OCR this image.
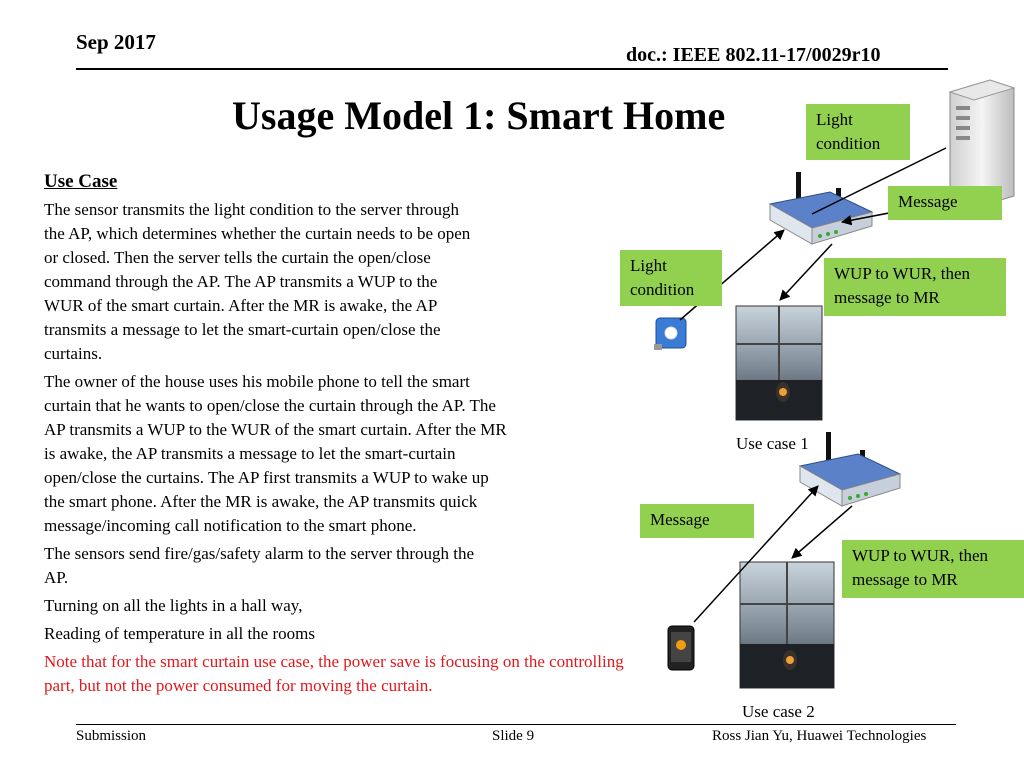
Sep 2017
doc.: IEEE 802.11-17/0029r10
Usage Model 1: Smart Home
Use Case

The sensor transmits the light condition to the server through the AP, which determines whether the curtain needs to be open or closed. Then the server tells the curtain the open/close command through the AP. The AP transmits a WUP to the WUR of the smart curtain. After the MR is awake, the AP transmits a message to let the smart-curtain open/close the curtains.

The owner of the house uses his mobile phone to tell the smart curtain that he wants to open/close the curtain through the AP. The AP transmits a WUP to the WUR of the smart curtain. After the MR is awake, the AP transmits a message to let the smart-curtain open/close the curtains. The AP first transmits a WUP to wake up the smart phone. After the MR is awake, the AP transmits quick message/incoming call notification to the smart phone.

The sensors send fire/gas/safety alarm to the server through the AP.

Turning on all the lights in a hall way,

Reading of temperature in all the rooms

Note that for the smart curtain use case, the power save is focusing on the controlling part, but not the power consumed for moving the curtain.

Light condition
Message
Light condition
WUP to WUR, then message to MR
Message
WUP to WUR, then message to MR
Use case 1
Use case 2
Submission	Slide 9	Ross Jian Yu, Huawei Technologies
